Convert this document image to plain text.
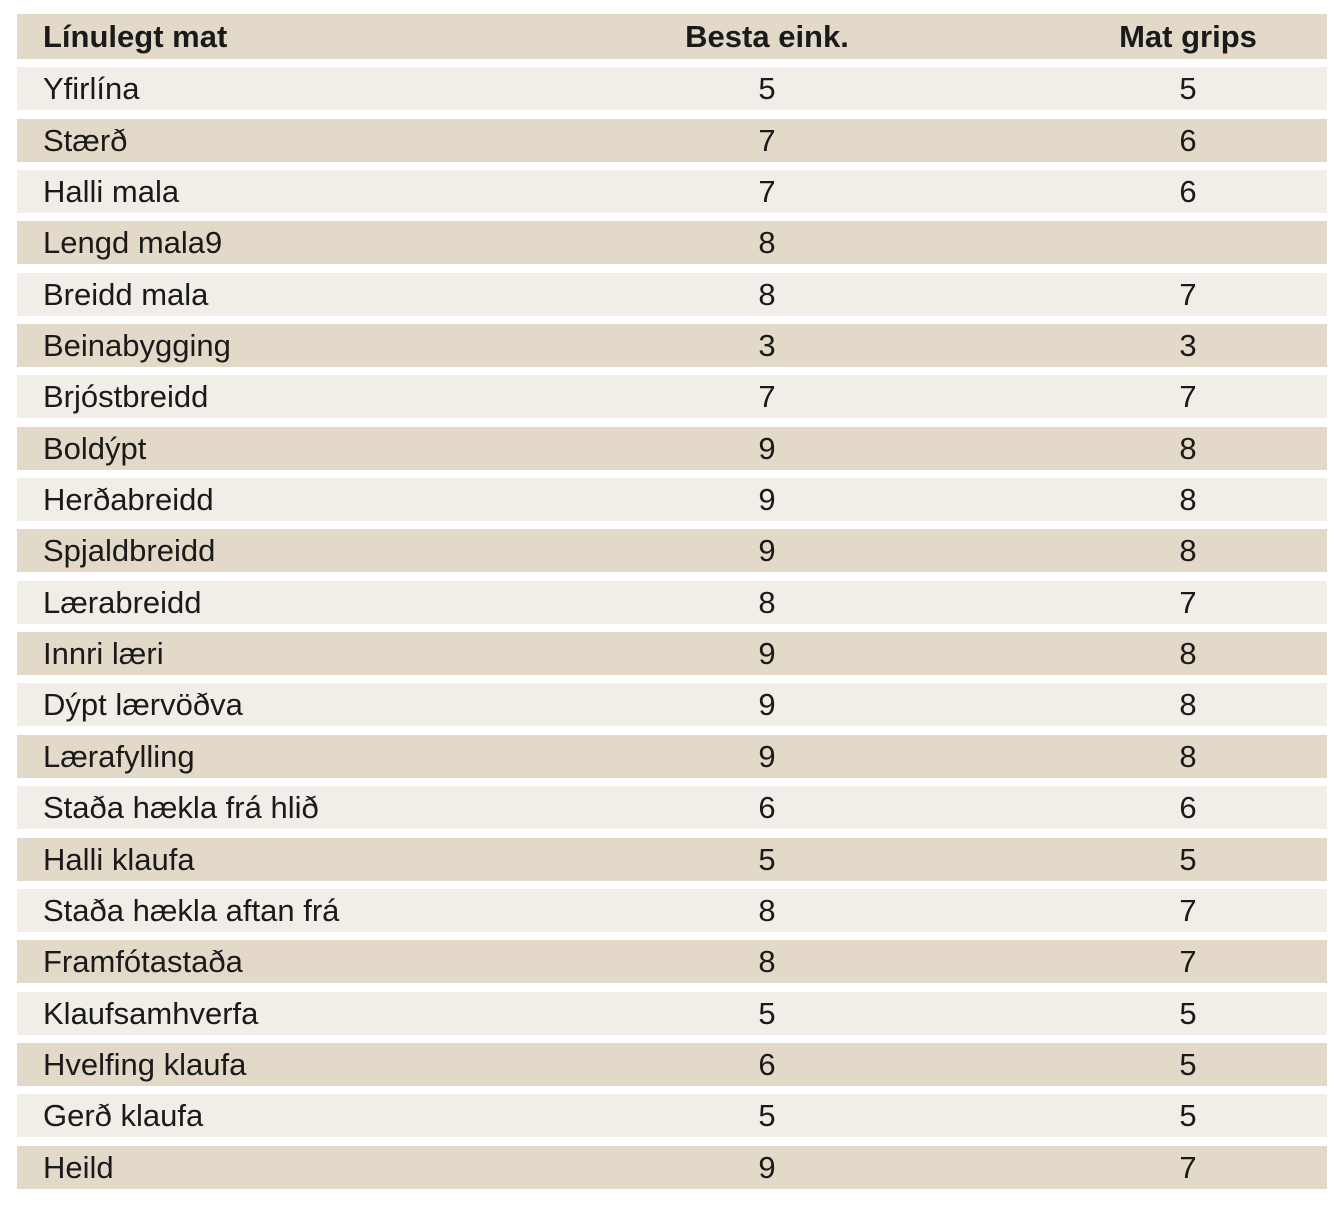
Línulegt mat	Besta eink.	Mat grips
Yfirlína	5	5
Stærð	7	6
Halli mala	7	6
Lengd mala9	8
Breidd mala	8	7
Beinabygging	3	3
Brjóstbreidd	7	7
Boldýpt	9	8
Herðabreidd	9	8
Spjaldbreidd	9	8
Lærabreidd	8	7
Innri læri	9	8
Dýpt lærvöðva	9	8
Lærafylling	9	8
Staða hækla frá hlið	6	6
Halli klaufa	5	5
Staða hækla aftan frá	8	7
Framfótastaða	8	7
Klaufsamhverfa	5	5
Hvelfing klaufa	6	5
Gerð klaufa	5	5
Heild	9	7
